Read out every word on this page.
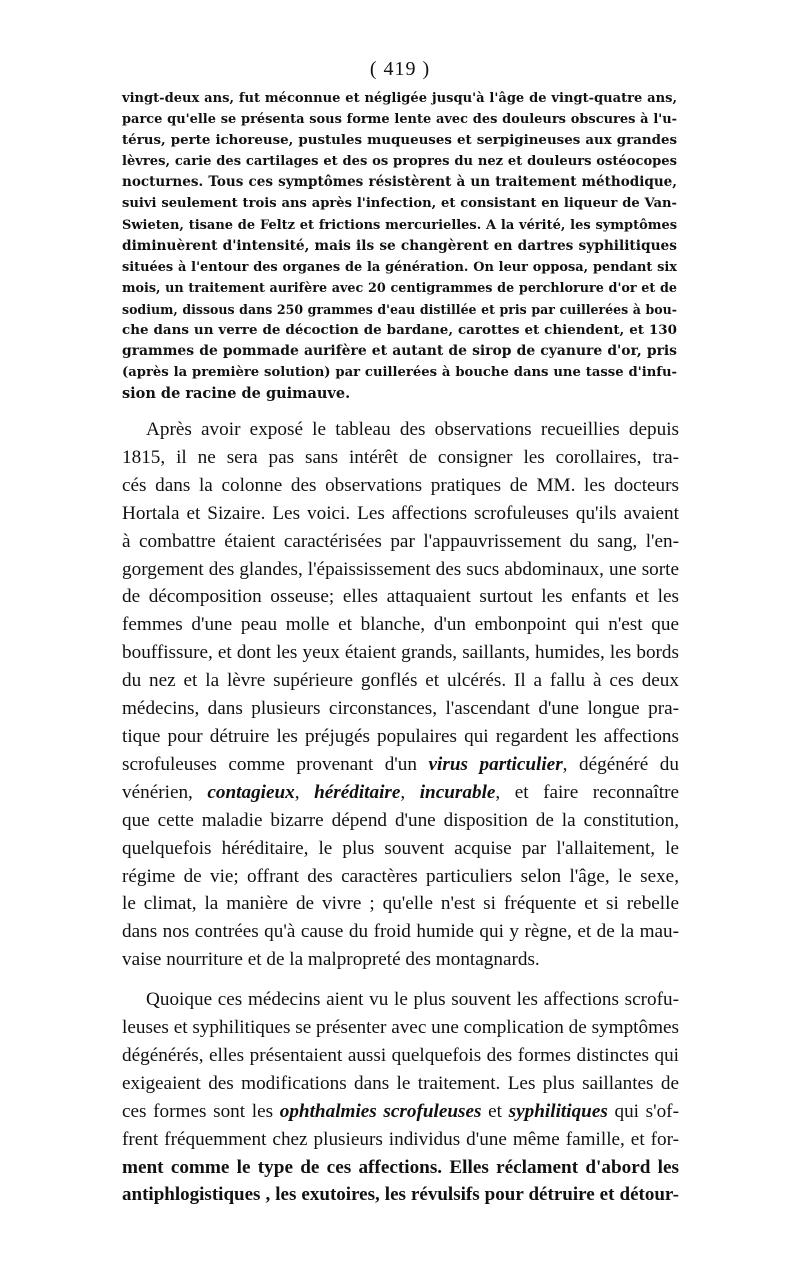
( 419 )
vingt-deux ans, fut méconnue et négligée jusqu'à l'âge de vingt-quatre ans,
parce qu'elle se présenta sous forme lente avec des douleurs obscures à l'u-
térus, perte ichoreuse, pustules muqueuses et serpigineuses aux grandes
lèvres, carie des cartilages et des os propres du nez et douleurs ostéocopes
nocturnes. Tous ces symptômes résistèrent à un traitement méthodique,
suivi seulement trois ans après l'infection, et consistant en liqueur de Van-
Swieten, tisane de Feltz et frictions mercurielles. A la vérité, les symptômes
diminuèrent d'intensité, mais ils se changèrent en dartres syphilitiques
situées à l'entour des organes de la génération. On leur opposa, pendant six
mois, un traitement aurifère avec 20 centigrammes de perchlorure d'or et de
sodium, dissous dans 250 grammes d'eau distillée et pris par cuillerées à bou-
che dans un verre de décoction de bardane, carottes et chiendent, et 130
grammes de pommade aurifère et autant de sirop de cyanure d'or, pris
(après la première solution) par cuillerées à bouche dans une tasse d'infu-
sion de racine de guimauve.
Après avoir exposé le tableau des observations recueillies depuis
1815, il ne sera pas sans intérêt de consigner les corollaires, tra-
cés dans la colonne des observations pratiques de MM. les docteurs
Hortala et Sizaire. Les voici. Les affections scrofuleuses qu'ils avaient
à combattre étaient caractérisées par l'appauvrissement du sang, l'en-
gorgement des glandes, l'épaississement des sucs abdominaux, une sorte
de décomposition osseuse; elles attaquaient surtout les enfants et les
femmes d'une peau molle et blanche, d'un embonpoint qui n'est que
bouffissure, et dont les yeux étaient grands, saillants, humides, les bords
du nez et la lèvre supérieure gonflés et ulcérés. Il a fallu à ces deux
médecins, dans plusieurs circonstances, l'ascendant d'une longue pra-
tique pour détruire les préjugés populaires qui regardent les affections
scrofuleuses comme provenant d'un virus particulier, dégénéré du
vénérien, contagieux, héréditaire, incurable, et faire reconnaître
que cette maladie bizarre dépend d'une disposition de la constitution,
quelquefois héréditaire, le plus souvent acquise par l'allaitement, le
régime de vie; offrant des caractères particuliers selon l'âge, le sexe,
le climat, la manière de vivre ; qu'elle n'est si fréquente et si rebelle
dans nos contrées qu'à cause du froid humide qui y règne, et de la mau-
vaise nourriture et de la malpropreté des montagnards.
Quoique ces médecins aient vu le plus souvent les affections scrofu-
leuses et syphilitiques se présenter avec une complication de symptômes
dégénérés, elles présentaient aussi quelquefois des formes distinctes qui
exigeaient des modifications dans le traitement. Les plus saillantes de
ces formes sont les ophthalmies scrofuleuses et syphilitiques qui s'of-
frent fréquemment chez plusieurs individus d'une même famille, et for-
ment comme le type de ces affections. Elles réclament d'abord les
antiphlogistiques , les exutoires, les révulsifs pour détruire et détour-
